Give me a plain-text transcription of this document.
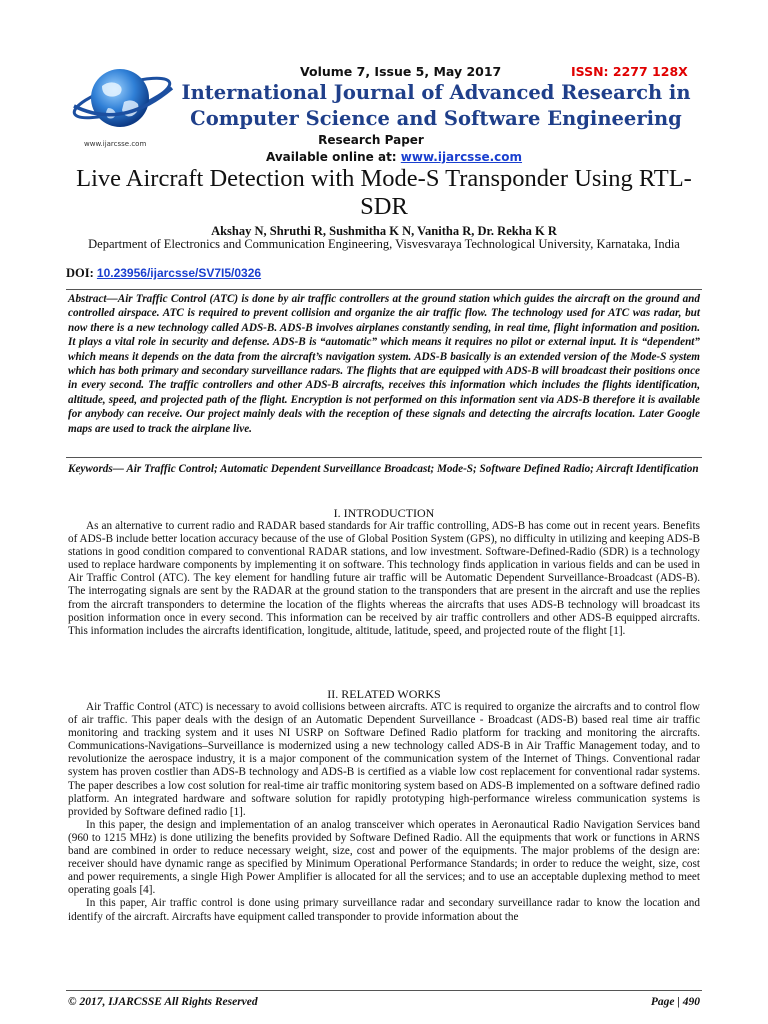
www.ijarcsse.com
Volume 7, Issue 5, May 2017	ISSN: 2277 128X
International Journal of Advanced Research in Computer Science and Software Engineering
Research Paper
Available online at: www.ijarcsse.com
Live Aircraft Detection with Mode-S Transponder Using RTL-SDR
Akshay N, Shruthi R, Sushmitha K N, Vanitha R, Dr. Rekha K R
Department of Electronics and Communication Engineering, Visvesvaraya Technological University, Karnataka, India
DOI: 10.23956/ijarcsse/SV7I5/0326
Abstract—Air Traffic Control (ATC) is done by air traffic controllers at the ground station which guides the aircraft on the ground and controlled airspace. ATC is required to prevent collision and organize the air traffic flow. The technology used for ATC was radar, but now there is a new technology called ADS-B. ADS-B involves airplanes constantly sending, in real time, flight information and position. It plays a vital role in security and defense. ADS-B is “automatic” which means it requires no pilot or external input. It is “dependent” which means it depends on the data from the aircraft’s navigation system. ADS-B basically is an extended version of the Mode-S system which has both primary and secondary surveillance radars. The flights that are equipped with ADS-B will broadcast their positions once in every second. The traffic controllers and other ADS-B aircrafts, receives this information which includes the flights identification, altitude, speed, and projected path of the flight. Encryption is not performed on this information sent via ADS-B therefore it is available for anybody can receive. Our project mainly deals with the reception of these signals and detecting the aircrafts location. Later Google maps are used to track the airplane live.
Keywords— Air Traffic Control; Automatic Dependent Surveillance Broadcast; Mode-S; Software Defined Radio; Aircraft Identification
I. INTRODUCTION

As an alternative to current radio and RADAR based standards for Air traffic controlling, ADS-B has come out in recent years. Benefits of ADS-B include better location accuracy because of the use of Global Position System (GPS), no difficulty in utilizing and keeping ADS-B stations in good condition compared to conventional RADAR stations, and low investment. Software-Defined-Radio (SDR) is a technology used to replace hardware components by implementing it on software. This technology finds application in various fields and can be used in Air Traffic Control (ATC). The key element for handling future air traffic will be Automatic Dependent Surveillance-Broadcast (ADS-B). The interrogating signals are sent by the RADAR at the ground station to the transponders that are present in the aircraft and use the replies from the aircraft transponders to determine the location of the flights whereas the aircrafts that uses ADS-B technology will broadcast its position information once in every second. This information can be received by air traffic controllers and other ADS-B equipped aircrafts. This information includes the aircrafts identification, longitude, altitude, latitude, speed, and projected route of the flight [1].

II. RELATED WORKS

Air Traffic Control (ATC) is necessary to avoid collisions between aircrafts. ATC is required to organize the aircrafts and to control flow of air traffic. This paper deals with the design of an Automatic Dependent Surveillance - Broadcast (ADS-B) based real time air traffic monitoring and tracking system and it uses NI USRP on Software Defined Radio platform for tracking and monitoring the aircrafts. Communications-Navigations–Surveillance is modernized using a new technology called ADS-B in Air Traffic Management today, and to revolutionize the aerospace industry, it is a major component of the communication system of the Internet of Things. Conventional radar system has proven costlier than ADS-B technology and ADS-B is certified as a viable low cost replacement for conventional radar systems. The paper describes a low cost solution for real-time air traffic monitoring system based on ADS-B implemented on a software defined radio platform. An integrated hardware and software solution for rapidly prototyping high-performance wireless communication systems is provided by Software defined radio [1].

In this paper, the design and implementation of an analog transceiver which operates in Aeronautical Radio Navigation Services band (960 to 1215 MHz) is done utilizing the benefits provided by Software Defined Radio. All the equipments that work or functions in ARNS band are combined in order to reduce necessary weight, size, cost and power of the equipments. The major problems of the design are: receiver should have dynamic range as specified by Minimum Operational Performance Standards; in order to reduce the weight, size, cost and power requirements, a single High Power Amplifier is allocated for all the services; and to use an acceptable duplexing method to meet operating goals [4].

In this paper, Air traffic control is done using primary surveillance radar and secondary surveillance radar to know the location and identify of the aircraft. Aircrafts have equipment called transponder to provide information about the

© 2017, IJARCSSE All Rights Reserved	Page | 490
